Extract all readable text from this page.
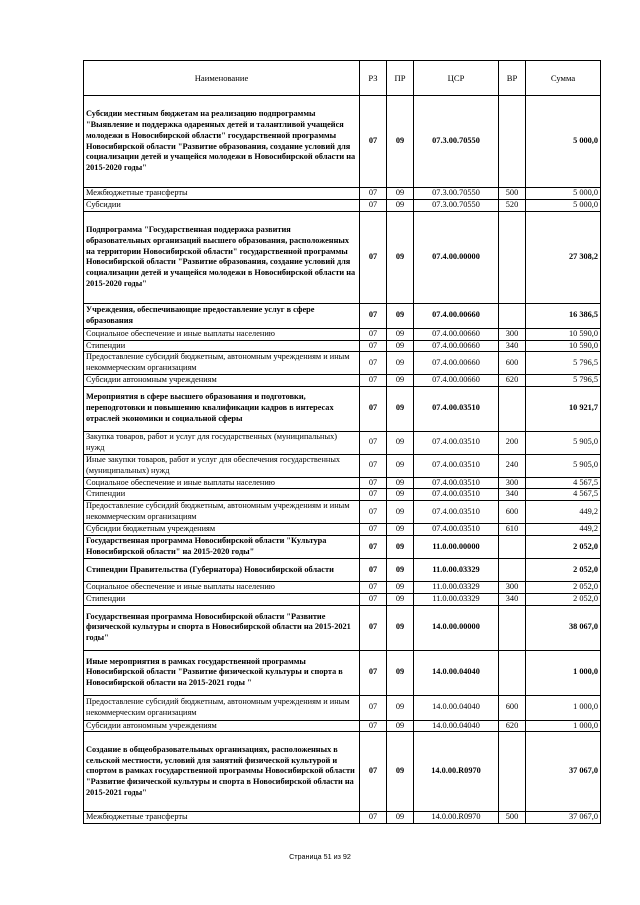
Наименование	РЗ	ПР	ЦСР	ВР	Сумма
Субсидии местным бюджетам на реализацию подпрограммы "Выявление и поддержка одаренных детей и талантливой учащейся молодежи в Новосибирской области" государственной программы Новосибирской области "Развитие образования, создание условий для социализации детей и учащейся молодежи в Новосибирской области на 2015-2020 годы"	07	09	07.3.00.70550		5 000,0
Межбюджетные трансферты	07	09	07.3.00.70550	500	5 000,0
Субсидии	07	09	07.3.00.70550	520	5 000,0
Подпрограмма "Государственная поддержка развития образовательных организаций высшего образования, расположенных на территории Новосибирской области" государственной программы Новосибирской области "Развитие образования, создание условий для социализации детей и учащейся молодежи в Новосибирской области на 2015-2020 годы"	07	09	07.4.00.00000		27 308,2
Учреждения, обеспечивающие предоставление услуг в сфере образования	07	09	07.4.00.00660		16 386,5
Социальное обеспечение и иные выплаты населению	07	09	07.4.00.00660	300	10 590,0
Стипендии	07	09	07.4.00.00660	340	10 590,0
Предоставление субсидий бюджетным, автономным учреждениям и иным некоммерческим организациям	07	09	07.4.00.00660	600	5 796,5
Субсидии автономным учреждениям	07	09	07.4.00.00660	620	5 796,5
Мероприятия в сфере высшего образования и подготовки, переподготовки и повышению квалификации кадров в интересах отраслей экономики и социальной сферы	07	09	07.4.00.03510		10 921,7
Закупка товаров, работ и услуг для государственных (муниципальных) нужд	07	09	07.4.00.03510	200	5 905,0
Иные закупки товаров, работ и услуг для обеспечения государственных (муниципальных) нужд	07	09	07.4.00.03510	240	5 905,0
Социальное обеспечение и иные выплаты населению	07	09	07.4.00.03510	300	4 567,5
Стипендии	07	09	07.4.00.03510	340	4 567,5
Предоставление субсидий бюджетным, автономным учреждениям и иным некоммерческим организациям	07	09	07.4.00.03510	600	449,2
Субсидии бюджетным учреждениям	07	09	07.4.00.03510	610	449,2
Государственная программа Новосибирской области "Культура Новосибирской области" на 2015-2020 годы"	07	09	11.0.00.00000		2 052,0
Стипендии Правительства (Губернатора) Новосибирской области	07	09	11.0.00.03329		2 052,0
Социальное обеспечение и иные выплаты населению	07	09	11.0.00.03329	300	2 052,0
Стипендии	07	09	11.0.00.03329	340	2 052,0
Государственная программа Новосибирской области "Развитие физической культуры и спорта в Новосибирской области на 2015-2021 годы"	07	09	14.0.00.00000		38 067,0
Иные мероприятия в рамках государственной программы Новосибирской области "Развитие физической культуры и спорта в Новосибирской области на 2015-2021 годы "	07	09	14.0.00.04040		1 000,0
Предоставление субсидий бюджетным, автономным учреждениям и иным некоммерческим организациям	07	09	14.0.00.04040	600	1 000,0
Субсидии автономным учреждениям	07	09	14.0.00.04040	620	1 000,0
Создание в общеобразовательных организациях, расположенных в сельской местности, условий для занятий физической культурой и спортом в рамках государственной программы Новосибирской области "Развитие физической культуры и спорта в Новосибирской области на 2015-2021 годы"	07	09	14.0.00.R0970		37 067,0
Межбюджетные трансферты	07	09	14.0.00.R0970	500	37 067,0
Страница 51 из 92
